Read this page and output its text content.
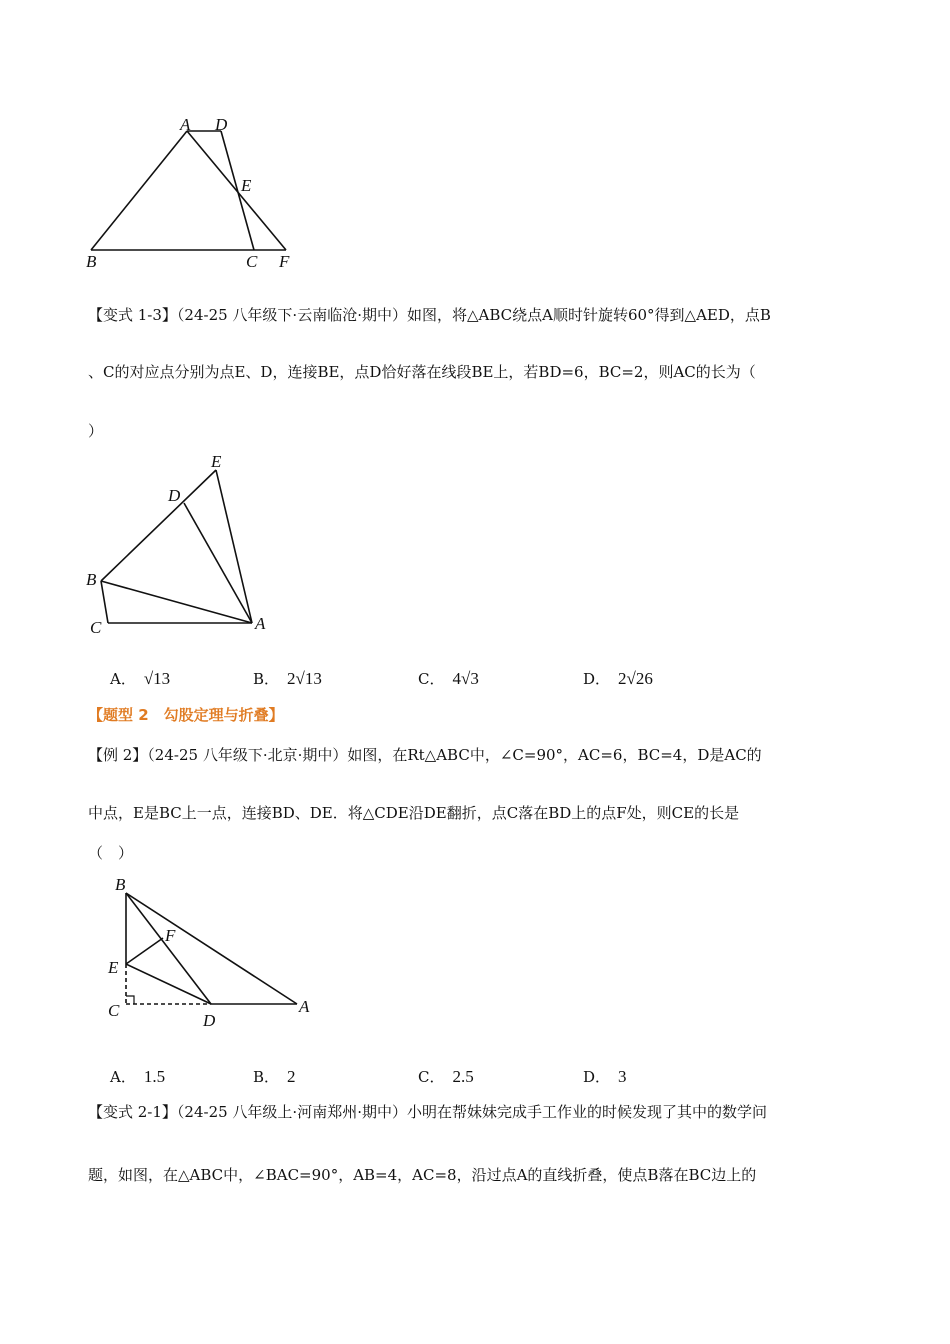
A D
E
B	C F
E
D
B
C	A
B
F
E
C
D
A
【变式 1-3】（24-25 八年级下·云南临沧·期中）如图，将△ABC绕点A顺时针旋转60°得到△AED，点B
、C的对应点分别为点E、D，连接BE，点D恰好落在线段BE上，若BD=6，BC=2，则AC的长为（
）
A． √13	B． 2√13	C． 4√3	D． 2√26
【题型 2　勾股定理与折叠】
【例 2】（24-25 八年级下·北京·期中）如图，在Rt△ABC中，∠C=90°，AC=6，BC=4，D是AC的
中点，E是BC上一点，连接BD、DE．将△CDE沿DE翻折，点C落在BD上的点F处，则CE的长是
（　）
A． 1.5	B． 2	C． 2.5	D． 3
【变式 2-1】（24-25 八年级上·河南郑州·期中）小明在帮妹妹完成手工作业的时候发现了其中的数学问
题，如图，在△ABC中，∠BAC=90°，AB=4，AC=8，沿过点A的直线折叠，使点B落在BC边上的
